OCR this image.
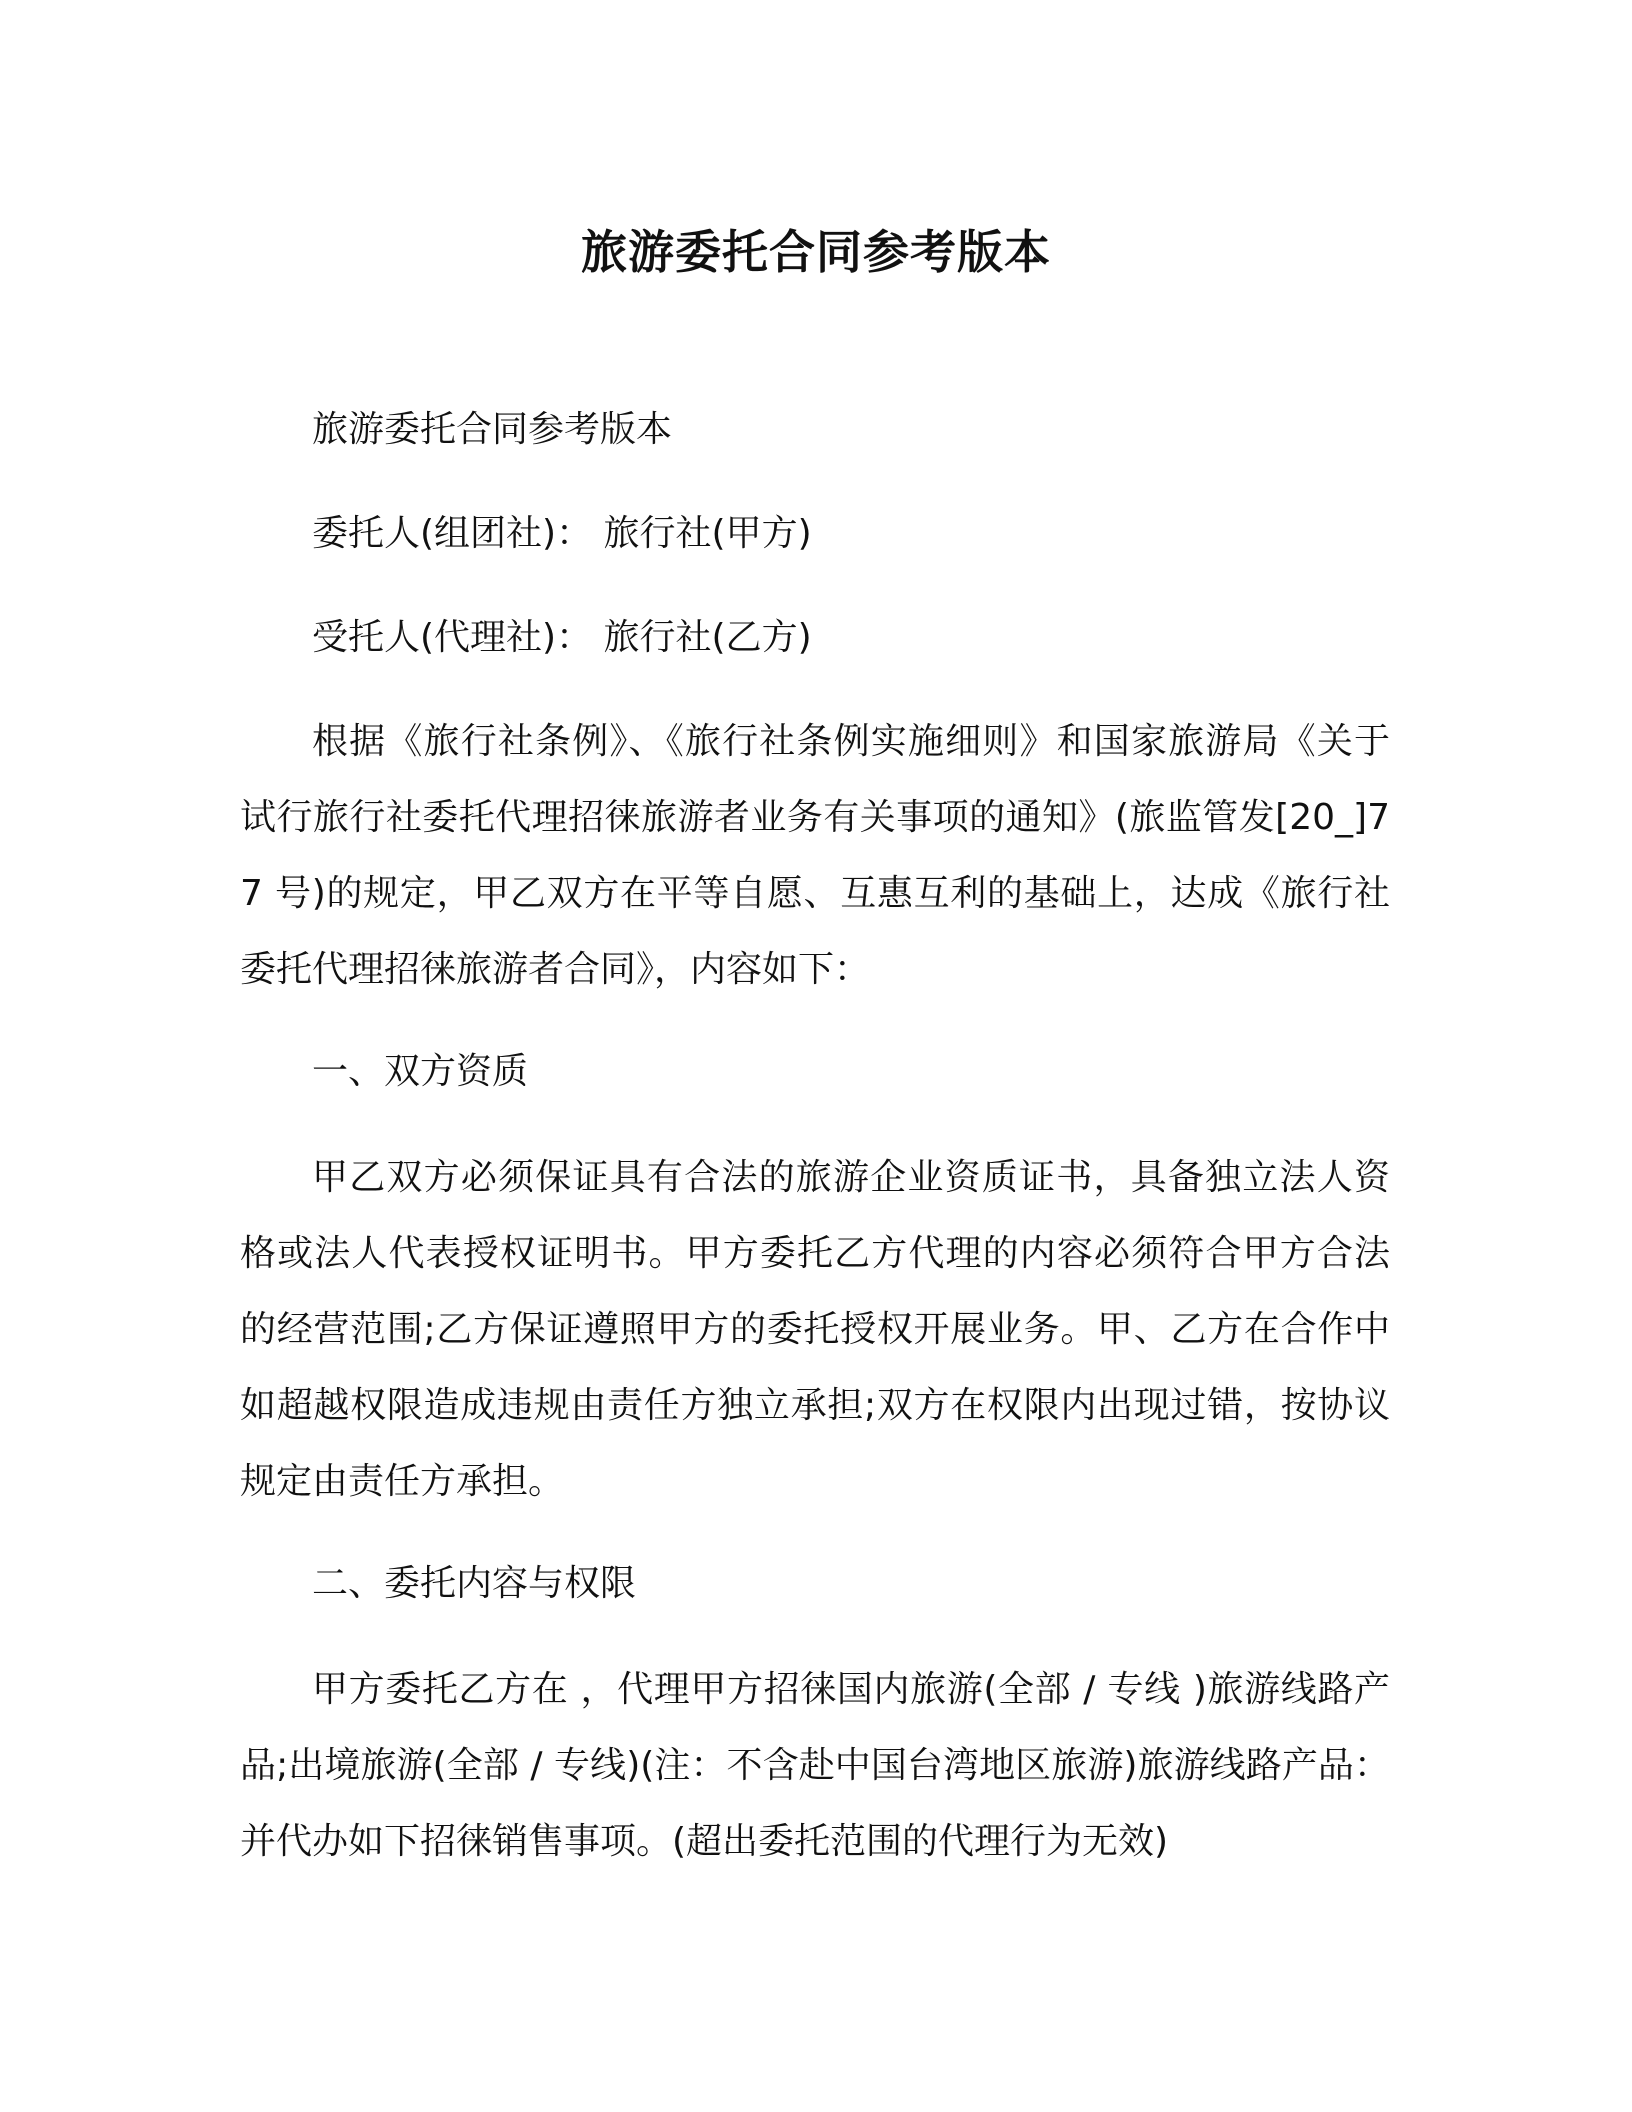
旅游委托合同参考版本

旅游委托合同参考版本

委托人(组团社)： 旅行社(甲方)

受托人(代理社)： 旅行社(乙方)

根据《旅行社条例》、《旅行社条例实施细则》和国家旅游局《关于试行旅行社委托代理招徕旅游者业务有关事项的通知》(旅监管发[20_]77 号)的规定，甲乙双方在平等自愿、互惠互利的基础上，达成《旅行社委托代理招徕旅游者合同》，内容如下：

一、双方资质

甲乙双方必须保证具有合法的旅游企业资质证书，具备独立法人资格或法人代表授权证明书。甲方委托乙方代理的内容必须符合甲方合法的经营范围;乙方保证遵照甲方的委托授权开展业务。甲、乙方在合作中如超越权限造成违规由责任方独立承担;双方在权限内出现过错，按协议规定由责任方承担。

二、委托内容与权限

甲方委托乙方在 ，代理甲方招徕国内旅游(全部 / 专线 )旅游线路产品;出境旅游(全部 / 专线)(注：不含赴中国台湾地区旅游)旅游线路产品：并代办如下招徕销售事项。(超出委托范围的代理行为无效)
